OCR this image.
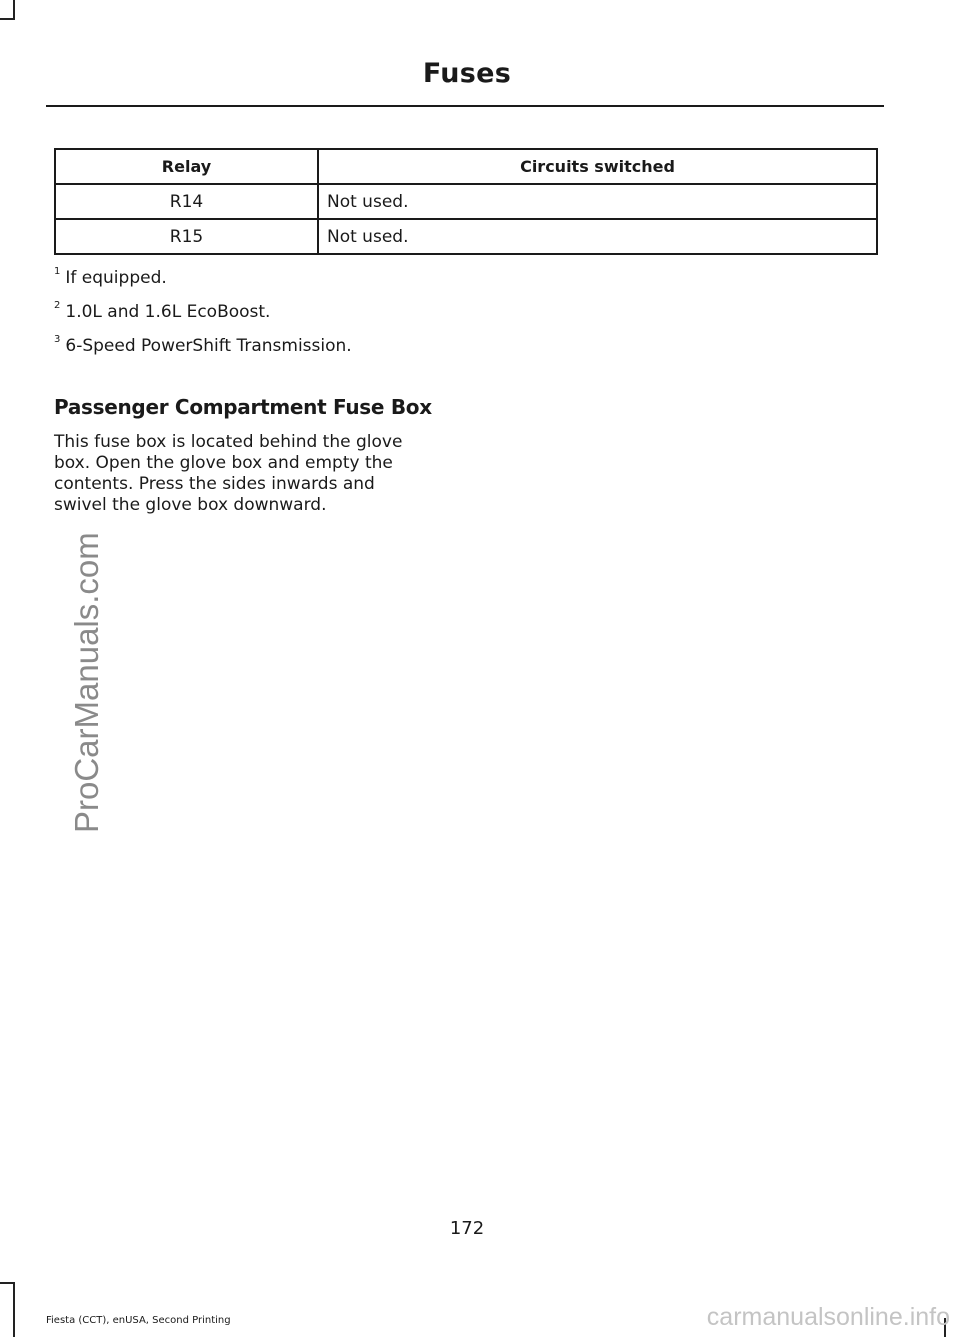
Fuses
Relay	Circuits switched
R14	Not used.
R15	Not used.
$^1$ If equipped.
$^2$ 1.0L and 1.6L EcoBoost.
$^3$ 6-Speed PowerShift Transmission.
Passenger Compartment Fuse Box
This fuse box is located behind the glove
box. Open the glove box and empty the
contents. Press the sides inwards and
swivel the glove box downward.
ProCarManuals.com
172
Fiesta (CCT), enUSA, Second Printing	carmanualsonline.info
